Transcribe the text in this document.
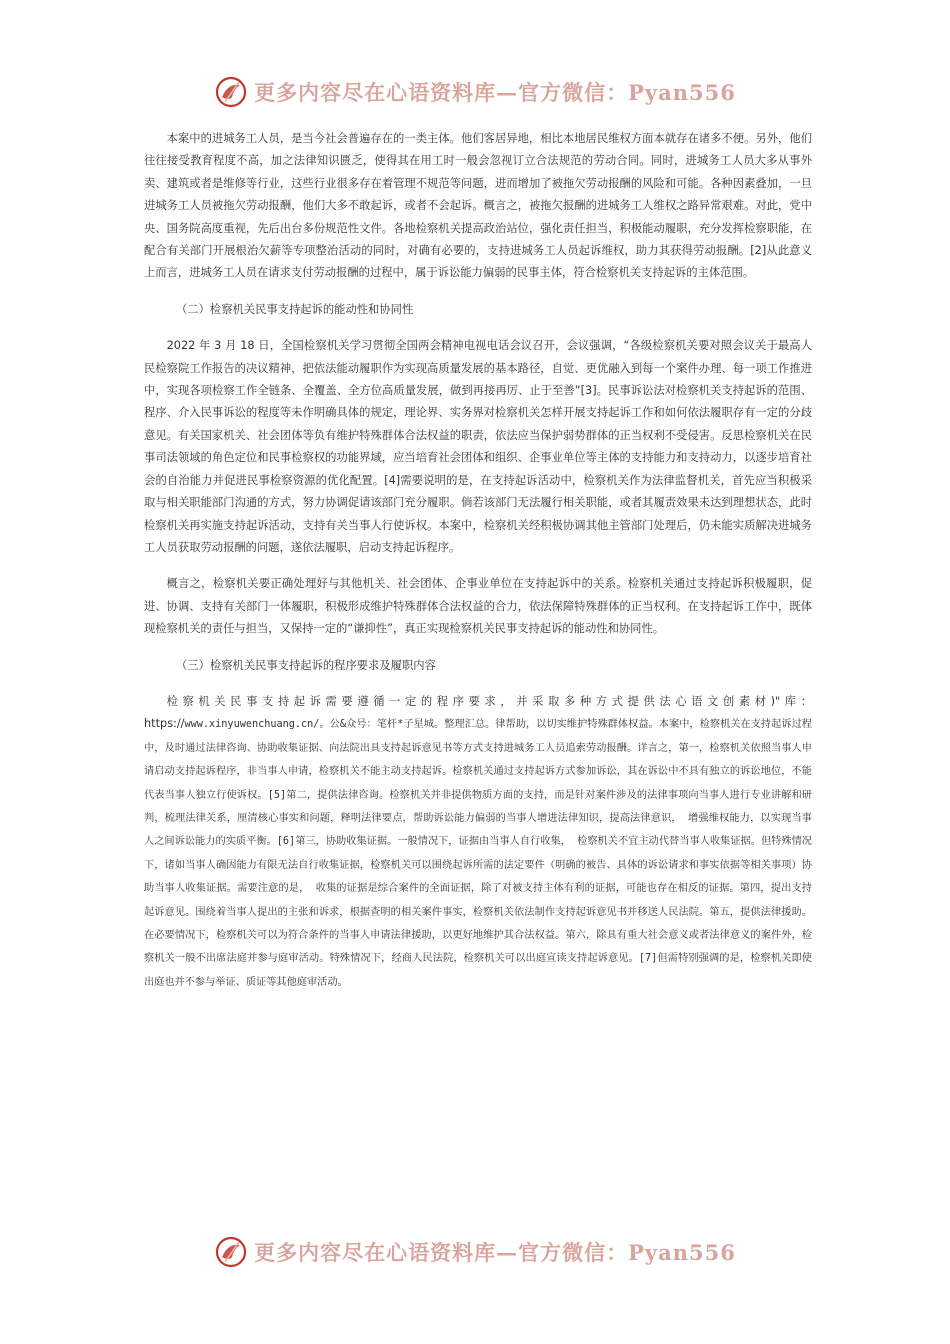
更多内容尽在心语资料库—官方微信：Pyan556

本案中的进城务工人员，是当今社会普遍存在的一类主体。他们客居异地，相比本地居民维权方面本就存在诸多不便。另外，他们往往接受教育程度不高，加之法律知识匮乏，使得其在用工时一般会忽视订立合法规范的劳动合同。同时，进城务工人员大多从事外卖、建筑或者是维修等行业，这些行业很多存在着管理不规范等问题，进而增加了被拖欠劳动报酬的风险和可能。各种因素叠加，一旦进城务工人员被拖欠劳动报酬，他们大多不敢起诉，或者不会起诉。概言之，被拖欠报酬的进城务工人维权之路异常艰难。对此，党中央、国务院高度重视，先后出台多份规范性文件。各地检察机关提高政治站位，强化责任担当，积极能动履职，充分发挥检察职能，在配合有关部门开展根治欠薪等专项整治活动的同时，对确有必要的，支持进城务工人员起诉维权，助力其获得劳动报酬。[2]从此意义上而言，进城务工人员在请求支付劳动报酬的过程中，属于诉讼能力偏弱的民事主体，符合检察机关支持起诉的主体范围。

（二）检察机关民事支持起诉的能动性和协同性

2022 年 3 月 18 日，全国检察机关学习贯彻全国两会精神电视电话会议召开，会议强调，“各级检察机关要对照会议关于最高人民检察院工作报告的决议精神，把依法能动履职作为实现高质量发展的基本路径，自觉、更优融入到每一个案件办理、每一项工作推进中，实现各项检察工作全链条、全覆盖、全方位高质量发展，做到再接再厉、止于至善”[3]。民事诉讼法对检察机关支持起诉的范围、程序、介入民事诉讼的程度等未作明确具体的规定，理论界、实务界对检察机关怎样开展支持起诉工作和如何依法履职存有一定的分歧意见。有关国家机关、社会团体等负有维护特殊群体合法权益的职责，依法应当保护弱势群体的正当权利不受侵害。反思检察机关在民事司法领域的角色定位和民事检察权的功能界域，应当培育社会团体和组织、企事业单位等主体的支持能力和支持动力，以逐步培育社会的自治能力并促进民事检察资源的优化配置。[4]需要说明的是，在支持起诉活动中，检察机关作为法律监督机关，首先应当积极采取与相关职能部门沟通的方式，努力协调促请该部门充分履职。倘若该部门无法履行相关职能，或者其履责效果未达到理想状态，此时检察机关再实施支持起诉活动，支持有关当事人行使诉权。本案中，检察机关经积极协调其他主管部门处理后，仍未能实质解决进城务工人员获取劳动报酬的问题，遂依法履职，启动支持起诉程序。

概言之，检察机关要正确处理好与其他机关、社会团体、企事业单位在支持起诉中的关系。检察机关通过支持起诉积极履职，促进、协调、支持有关部门一体履职，积极形成维护特殊群体合法权益的合力，依法保障特殊群体的正当权利。在支持起诉工作中，既体现检察机关的责任与担当，又保持一定的“谦抑性”，真正实现检察机关民事支持起诉的能动性和协同性。

（三）检察机关民事支持起诉的程序要求及履职内容

检察机关民事支持起诉需要遵循一定的程序要求，并采取多种方式提供法心语文创素材)"库：https://www.xinyuwenchuang.cn/。公&众号：笔杆*子星城。整理汇总。律帮助，以切实维护特殊群体权益。本案中，检察机关在支持起诉过程中，及时通过法律咨询、协助收集证据、向法院出具支持起诉意见书等方式支持进城务工人员追索劳动报酬。详言之，第一，检察机关依照当事人申请启动支持起诉程序，非当事人申请，检察机关不能主动支持起诉。检察机关通过支持起诉方式参加诉讼，其在诉讼中不具有独立的诉讼地位，不能代表当事人独立行使诉权。[5]第二，提供法律咨询。检察机关并非提供物质方面的支持，而是针对案件涉及的法律事项向当事人进行专业讲解和研判，梳理法律关系，厘清核心事实和问题，释明法律要点，帮助诉讼能力偏弱的当事人增进法律知识，提高法律意识， 增强维权能力，以实现当事人之间诉讼能力的实质平衡。[6]第三，协助收集证据。一般情况下，证据由当事人自行收集， 检察机关不宜主动代替当事人收集证据。但特殊情况下，诸如当事人确因能力有限无法自行收集证据，检察机关可以围绕起诉所需的法定要件（明确的被告、具体的诉讼请求和事实依据等相关事项）协助当事人收集证据。需要注意的是， 收集的证据是综合案件的全面证据，除了对被支持主体有利的证据，可能也存在相反的证据。第四，提出支持起诉意见。围绕着当事人提出的主张和诉求，根据查明的相关案件事实，检察机关依法制作支持起诉意见书并移送人民法院。第五，提供法律援助。在必要情况下，检察机关可以为符合条件的当事人申请法律援助，以更好地维护其合法权益。第六，除具有重大社会意义或者法律意义的案件外，检察机关一般不出席法庭并参与庭审活动。特殊情况下，经商人民法院，检察机关可以出庭宣读支持起诉意见。[7]但需特别强调的是，检察机关即使出庭也并不参与举证、质证等其他庭审活动。

更多内容尽在心语资料库—官方微信：Pyan556
